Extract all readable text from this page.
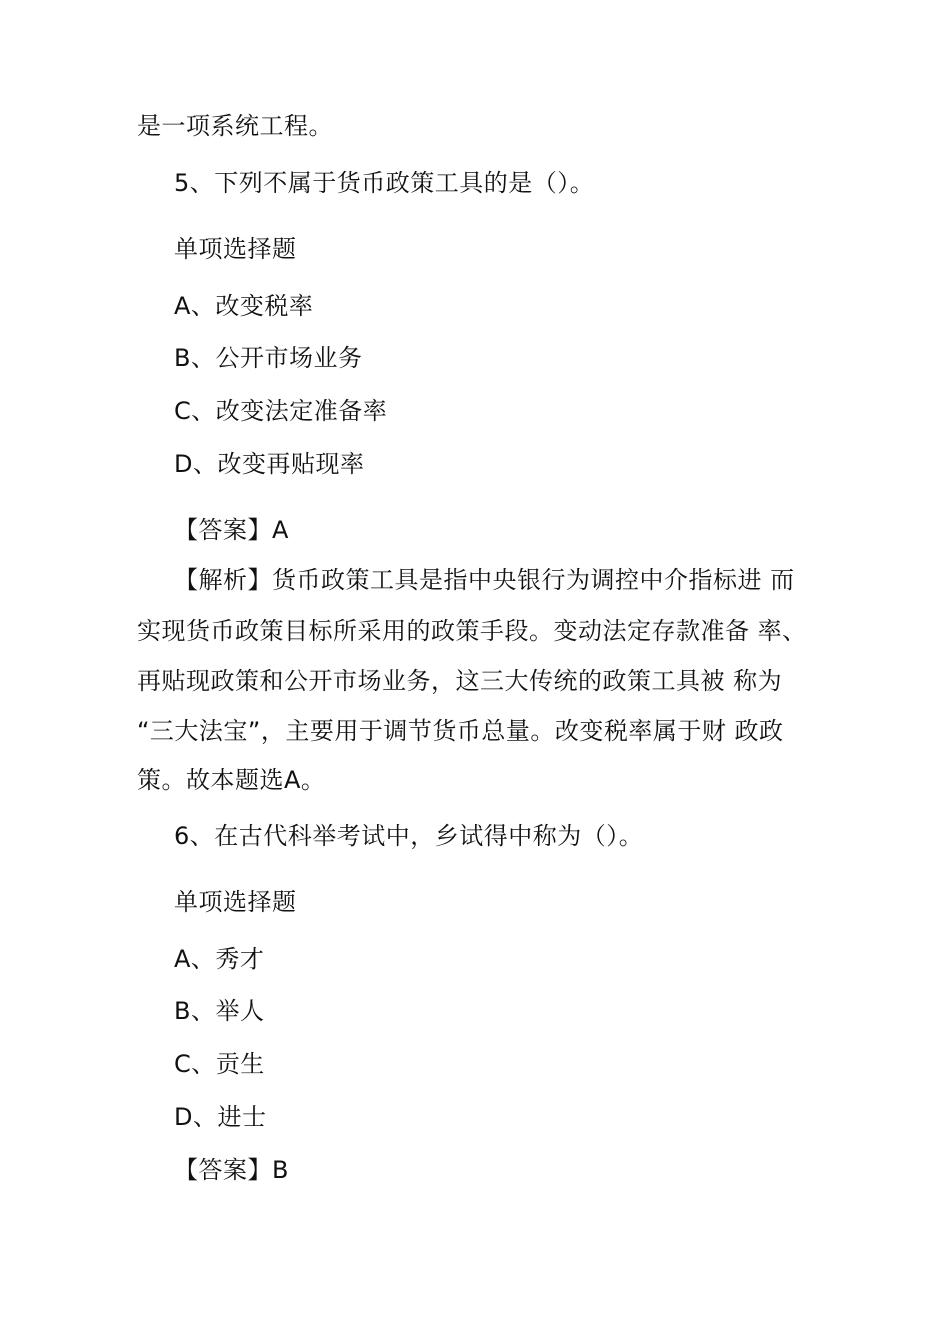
是一项系统工程。
5、下列不属于货币政策工具的是（）。
单项选择题
A、改变税率
B、公开市场业务
C、改变法定准备率
D、改变再贴现率
【答案】A
【解析】货币政策工具是指中央银行为调控中介指标进 而
实现货币政策目标所采用的政策手段。变动法定存款准备 率、
再贴现政策和公开市场业务，这三大传统的政策工具被 称为
“三大法宝”，主要用于调节货币总量。改变税率属于财 政政
策。故本题选A。
6、在古代科举考试中，乡试得中称为（）。
单项选择题
A、秀才
B、举人
C、贡生
D、进士
【答案】B
